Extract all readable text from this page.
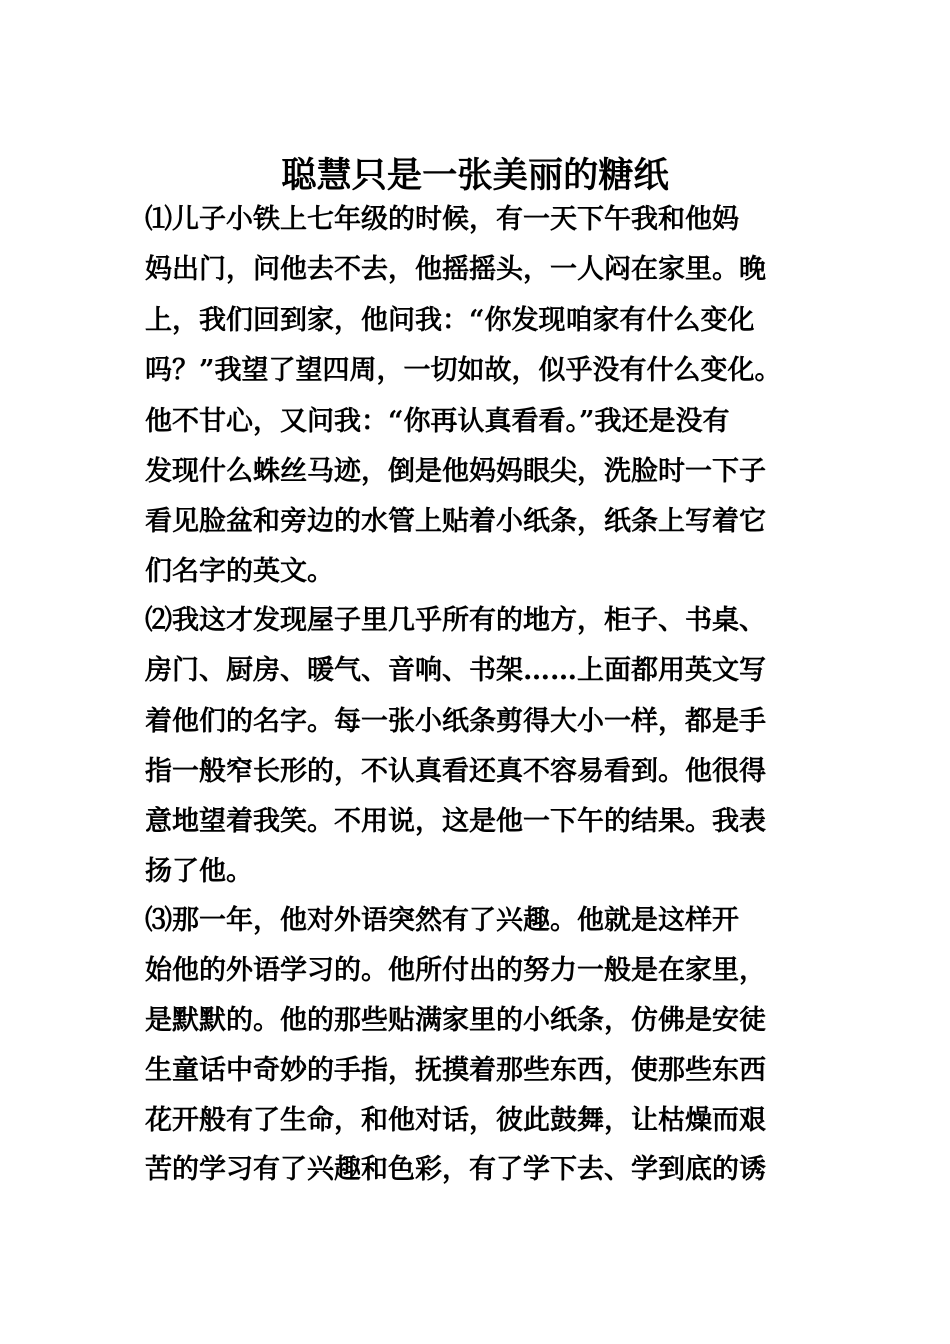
聪慧只是一张美丽的糖纸
⑴儿子小铁上七年级的时候，有一天下午我和他妈
妈出门，问他去不去，他摇摇头，一人闷在家里。晚
上，我们回到家，他问我：“你发现咱家有什么变化
吗？”我望了望四周，一切如故，似乎没有什么变化。
他不甘心，又问我：“你再认真看看。”我还是没有
发现什么蛛丝马迹，倒是他妈妈眼尖，洗脸时一下子
看见脸盆和旁边的水管上贴着小纸条，纸条上写着它
们名字的英文。
⑵我这才发现屋子里几乎所有的地方，柜子、书桌、
房门、厨房、暖气、音响、书架……上面都用英文写
着他们的名字。每一张小纸条剪得大小一样，都是手
指一般窄长形的，不认真看还真不容易看到。他很得
意地望着我笑。不用说，这是他一下午的结果。我表
扬了他。
⑶那一年，他对外语突然有了兴趣。他就是这样开
始他的外语学习的。他所付出的努力一般是在家里，
是默默的。他的那些贴满家里的小纸条，仿佛是安徒
生童话中奇妙的手指，抚摸着那些东西，使那些东西
花开般有了生命，和他对话，彼此鼓舞，让枯燥而艰
苦的学习有了兴趣和色彩，有了学下去、学到底的诱
